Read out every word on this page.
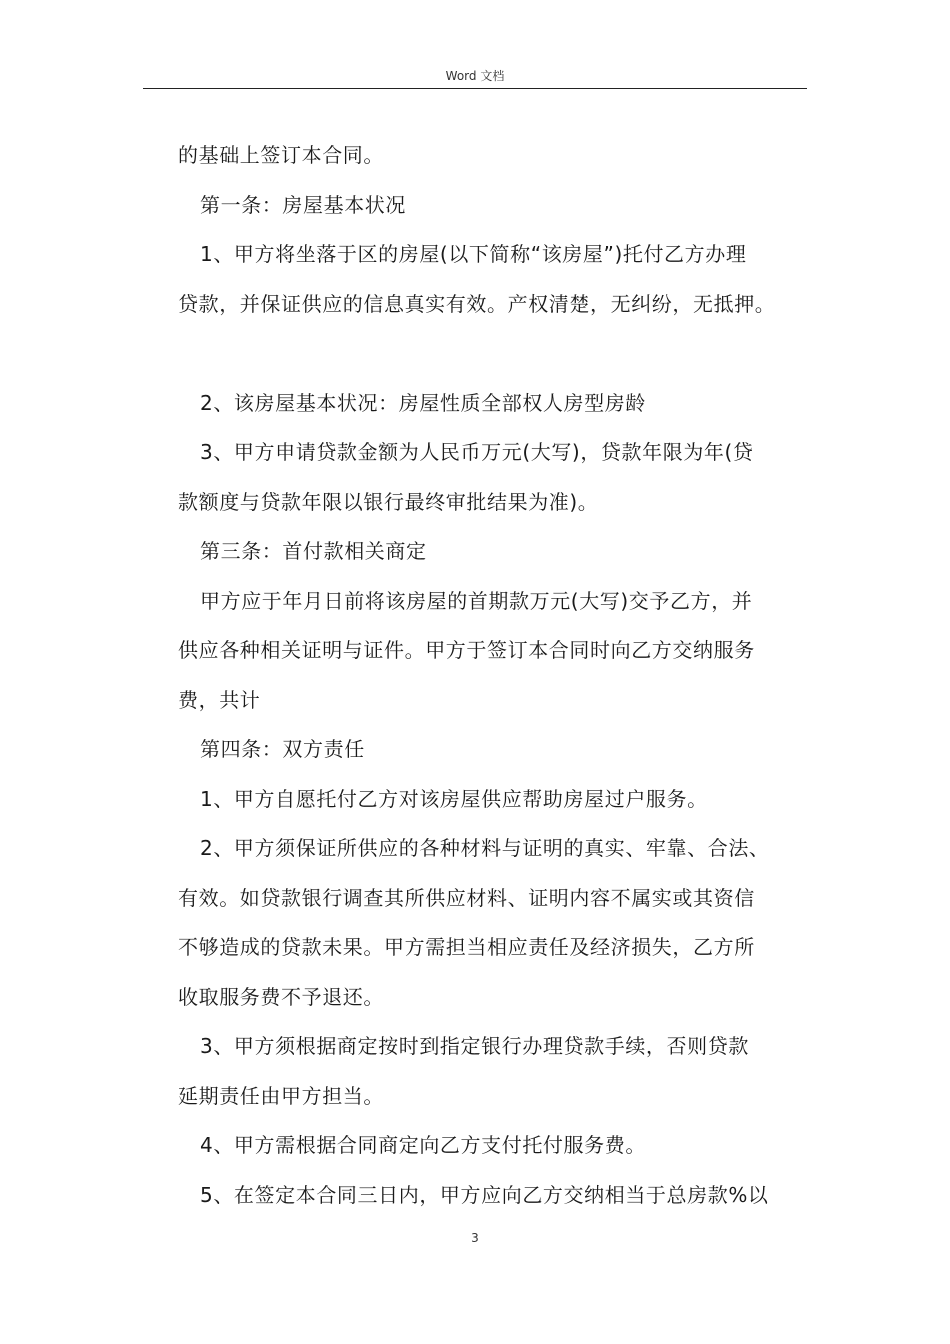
Word 文档
的基础上签订本合同。
第一条：房屋基本状况
1、甲方将坐落于区的房屋(以下简称“该房屋”)托付乙方办理
贷款，并保证供应的信息真实有效。产权清楚，无纠纷，无抵押。
2、该房屋基本状况：房屋性质全部权人房型房龄
3、甲方申请贷款金额为人民币万元(大写)，贷款年限为年(贷
款额度与贷款年限以银行最终审批结果为准)。
第三条：首付款相关商定
甲方应于年月日前将该房屋的首期款万元(大写)交予乙方，并
供应各种相关证明与证件。甲方于签订本合同时向乙方交纳服务
费，共计
第四条：双方责任
1、甲方自愿托付乙方对该房屋供应帮助房屋过户服务。
2、甲方须保证所供应的各种材料与证明的真实、牢靠、合法、
有效。如贷款银行调查其所供应材料、证明内容不属实或其资信
不够造成的贷款未果。甲方需担当相应责任及经济损失，乙方所
收取服务费不予退还。
3、甲方须根据商定按时到指定银行办理贷款手续，否则贷款
延期责任由甲方担当。
4、甲方需根据合同商定向乙方支付托付服务费。
5、在签定本合同三日内，甲方应向乙方交纳相当于总房款%以
3
